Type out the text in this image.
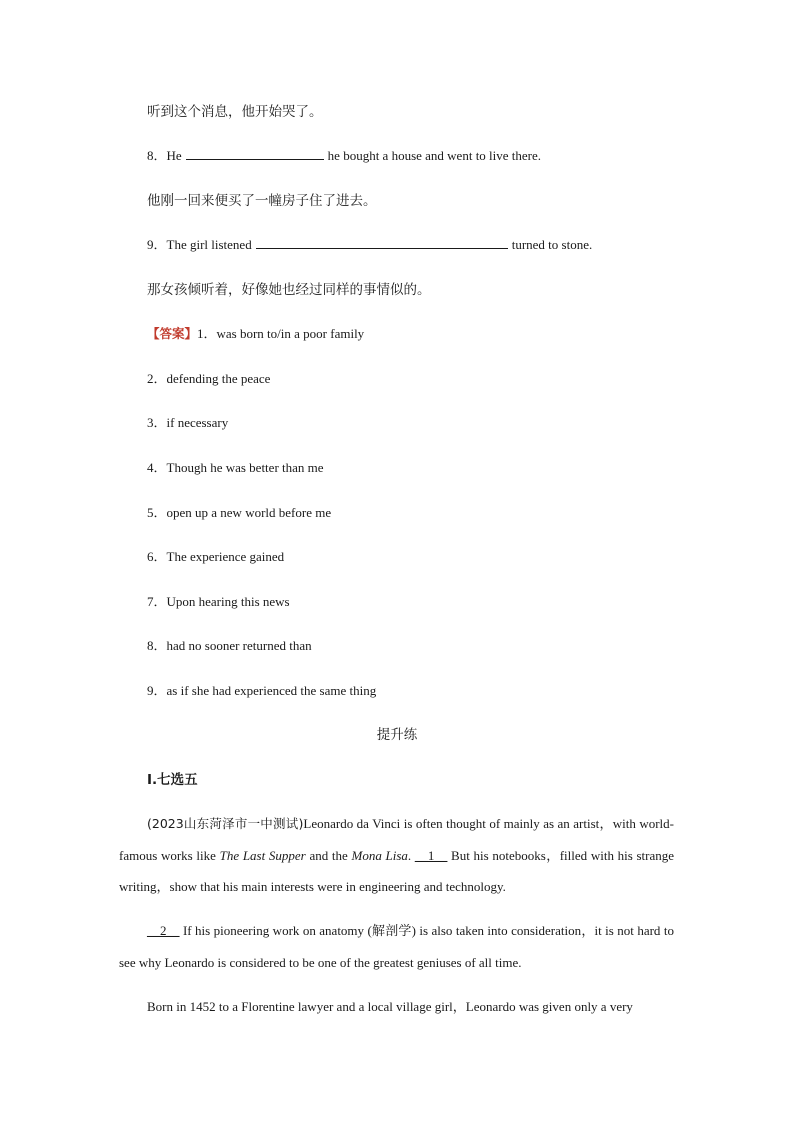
听到这个消息，他开始哭了。
8．He	he bought a house and went to live there.
他刚一回来便买了一幢房子住了进去。
9．The girl listened	turned to stone.
那女孩倾听着，好像她也经过同样的事情似的。
【答案】1．was born to/in a poor family
2．defending the peace
3．if necessary
4．Though he was better than me
5．open up a new world before me
6．The experience gained
7．Upon hearing this news
8．had no sooner returned than
9．as if she had experienced the same thing
提升练
Ⅰ.七选五
(2023山东菏泽市一中测试)Leonardo da Vinci is often thought of mainly as an artist，with world-famous works like The Last Supper and the Mona Lisa. __1__ But his notebooks，filled with his strange writing，show that his main interests were in engineering and technology.
__2__ If his pioneering work on anatomy (解剖学) is also taken into consideration，it is not hard to see why Leonardo is considered to be one of the greatest geniuses of all time.
Born in 1452 to a Florentine lawyer and a local village girl，Leonardo was given only a very
